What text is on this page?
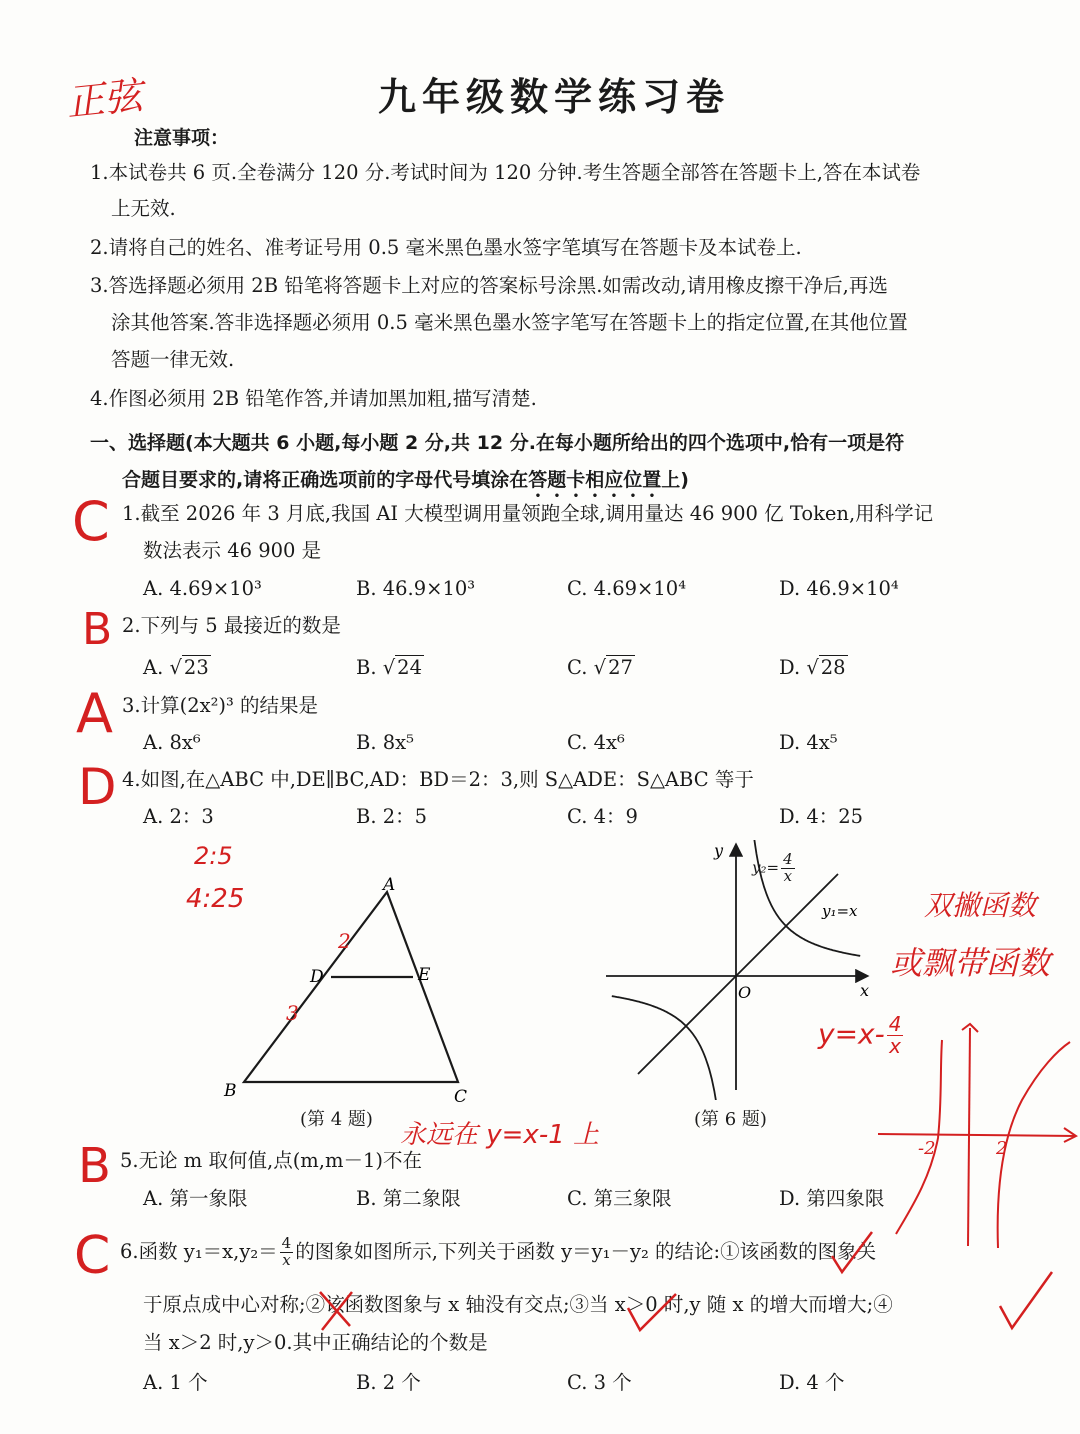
九年级数学练习卷
正弦
注意事项：
1.本试卷共 6 页.全卷满分 120 分.考试时间为 120 分钟.考生答题全部答在答题卡上,答在本试卷
上无效.
2.请将自己的姓名、准考证号用 0.5 毫米黑色墨水签字笔填写在答题卡及本试卷上.
3.答选择题必须用 2B 铅笔将答题卡上对应的答案标号涂黑.如需改动,请用橡皮擦干净后,再选
涂其他答案.答非选择题必须用 0.5 毫米黑色墨水签字笔写在答题卡上的指定位置,在其他位置
答题一律无效.
4.作图必须用 2B 铅笔作答,并请加黑加粗,描写清楚.
一、选择题(本大题共 6 小题,每小题 2 分,共 12 分.在每小题所给出的四个选项中,恰有一项是符
合题目要求的,请将正确选项前的字母代号填涂在答题卡相应位置上)
C 1.截至 2026 年 3 月底,我国 AI 大模型调用量领跑全球,调用量达 46 900 亿 Token,用科学记
数法表示 46 900 是
A. 4.69×10³	B. 46.9×10³	C. 4.69×10⁴	D. 46.9×10⁴
B 2.下列与 5 最接近的数是
A. √ 23	B. √ 24	C. √ 27	D. √ 28
A 3.计算(2x²)³ 的结果是
A. 8x⁶	B. 8x⁵	C. 4x⁶	D. 4x⁵
D 4.如图,在△ABC 中,DE∥BC,AD：BD＝2：3,则 S△ADE：S△ABC 等于
A. 2：3	B. 2：5	C. 4：9	D. 4：25
2:5
4:25	A
B	C
D	E
2
3
(第 4 题)
y
x
O
y₁=x
$y_2= \frac{4}{x}$
(第 6 题)
双撇函数
或飘带函数
$y=x- \frac{4}{x}$
-2	2
永远在 y=x-1 上
B 5.无论 m 取何值,点(m,m－1)不在
A. 第一象限	B. 第二象限	C. 第三象限	D. 第四象限
C 6.函数 $y_1=x,y_2= \frac{4}{x}$ 的图象如图所示,下列关于函数 y＝y₁－y₂ 的结论:①该函数的图象关
于原点成中心对称;②该函数图象与 x 轴没有交点;③当 x＞0 时,y 随 x 的增大而增大;④
当 x＞2 时,y＞0.其中正确结论的个数是
A. 1 个	B. 2 个	C. 3 个	D. 4 个
